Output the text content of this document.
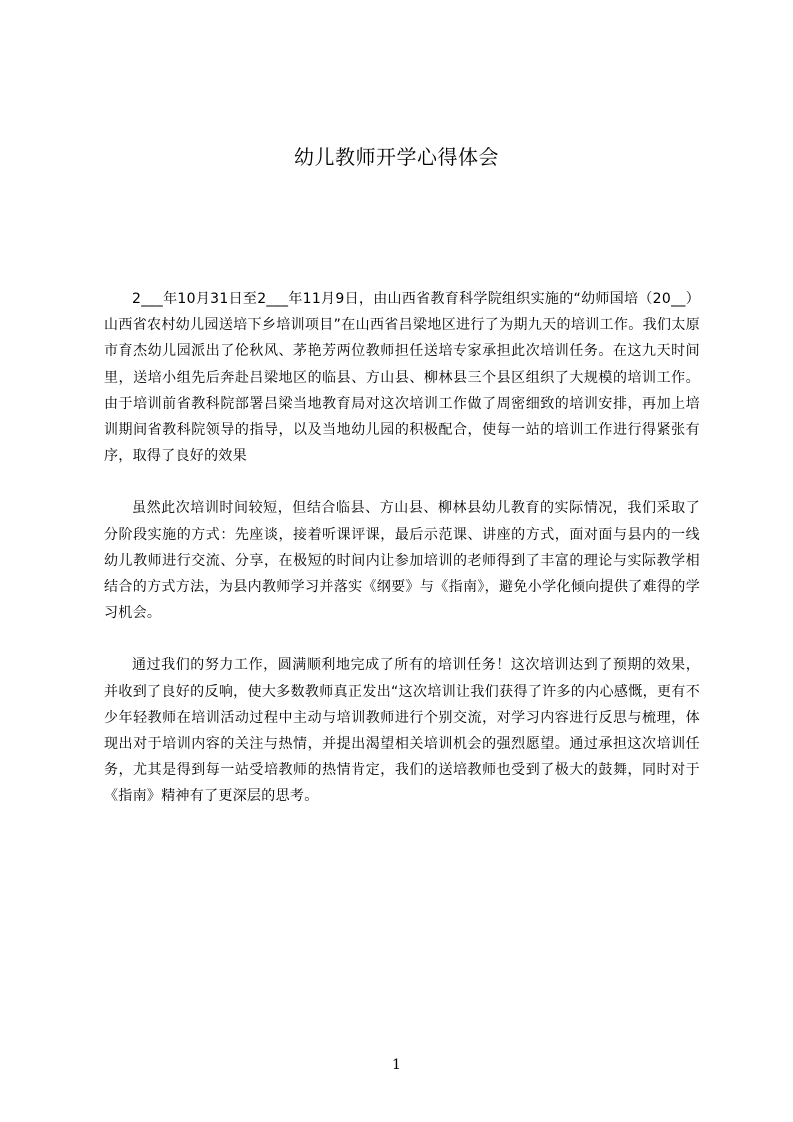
幼儿教师开学心得体会

2___年10月31日至2___年11月9日，由山西省教育科学院组织实施的“幼师国培（20__）山西省农村幼儿园送培下乡培训项目”在山西省吕梁地区进行了为期九天的培训工作。我们太原市育杰幼儿园派出了伦秋风、茅艳芳两位教师担任送培专家承担此次培训任务。在这九天时间里，送培小组先后奔赴吕梁地区的临县、方山县、柳林县三个县区组织了大规模的培训工作。由于培训前省教科院部署吕梁当地教育局对这次培训工作做了周密细致的培训安排，再加上培训期间省教科院领导的指导，以及当地幼儿园的积极配合，使每一站的培训工作进行得紧张有序，取得了良好的效果

虽然此次培训时间较短，但结合临县、方山县、柳林县幼儿教育的实际情况，我们采取了分阶段实施的方式：先座谈，接着听课评课，最后示范课、讲座的方式，面对面与县内的一线幼儿教师进行交流、分享，在极短的时间内让参加培训的老师得到了丰富的理论与实际教学相结合的方式方法，为县内教师学习并落实《纲要》与《指南》，避免小学化倾向提供了难得的学习机会。

通过我们的努力工作，圆满顺利地完成了所有的培训任务！这次培训达到了预期的效果，并收到了良好的反响，使大多数教师真正发出“这次培训让我们获得了许多的内心感慨，更有不少年轻教师在培训活动过程中主动与培训教师进行个别交流，对学习内容进行反思与梳理，体现出对于培训内容的关注与热情，并提出渴望相关培训机会的强烈愿望。通过承担这次培训任务，尤其是得到每一站受培教师的热情肯定，我们的送培教师也受到了极大的鼓舞，同时对于《指南》精神有了更深层的思考。

1
